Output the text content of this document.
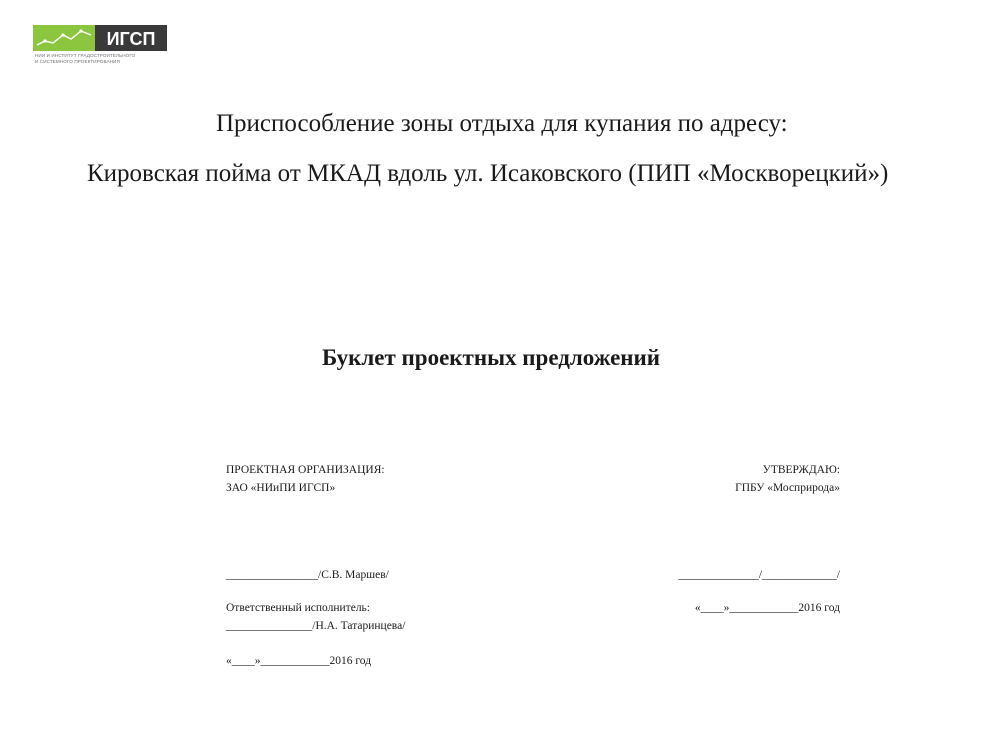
ИГСП
НИИ И ИНСТИТУТ ГРАДОСТРОИТЕЛЬНОГО
И СИСТЕМНОГО ПРОЕКТИРОВАНИЯ
Приспособление зоны отдыха для купания по адресу:
Кировская пойма от МКАД вдоль ул. Исаковского (ПИП «Москворецкий»)
Буклет проектных предложений
ПРОЕКТНАЯ ОРГАНИЗАЦИЯ:
ЗАО «НИиПИ ИГСП»
________________/С.В. Маршев/
Ответственный исполнитель:
_______________/Н.А. Татаринцева/
«____»____________2016 год
УТВЕРЖДАЮ:
ГПБУ «Мосприрода»
______________/_____________/
«____»____________2016 год
